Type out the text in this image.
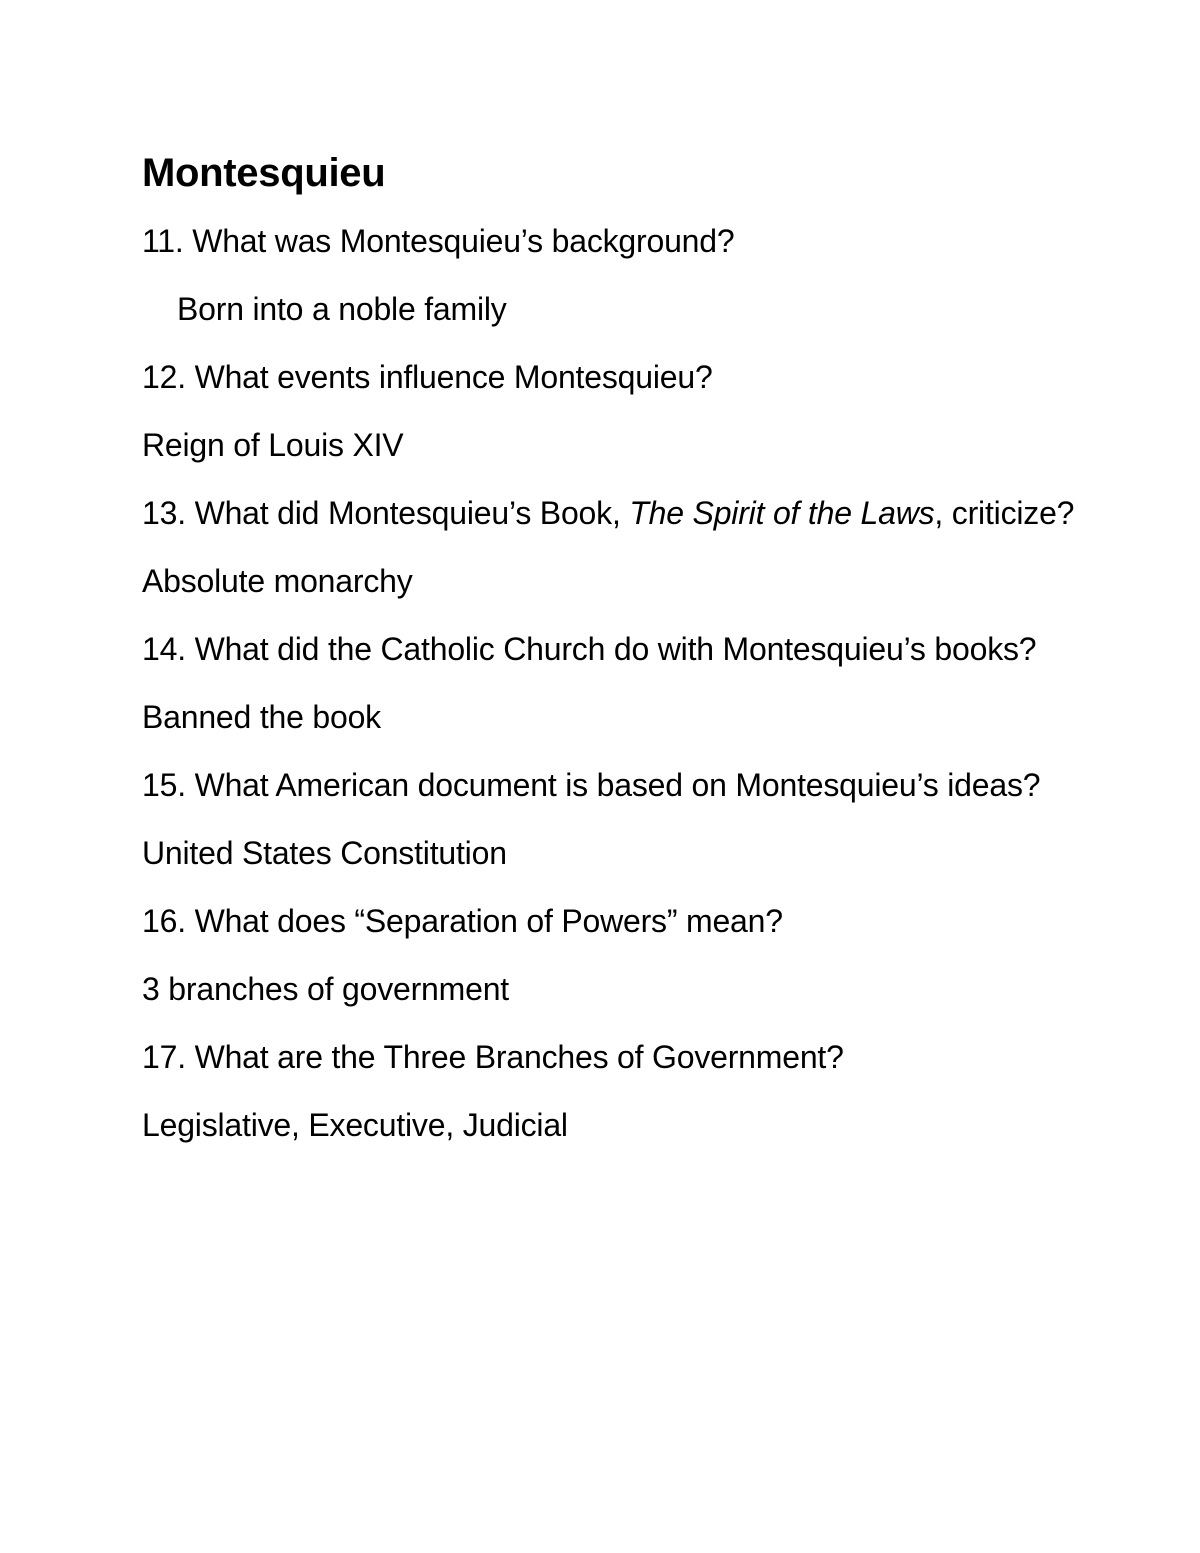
Montesquieu

11. What was Montesquieu’s background?

Born into a noble family

12. What events influence Montesquieu?

Reign of Louis XIV

13. What did Montesquieu’s Book, The Spirit of the Laws, criticize?

Absolute monarchy

14. What did the Catholic Church do with Montesquieu’s books?

Banned the book

15. What American document is based on Montesquieu’s ideas?

United States Constitution

16. What does “Separation of Powers” mean?

3 branches of government

17. What are the Three Branches of Government?

Legislative, Executive, Judicial
